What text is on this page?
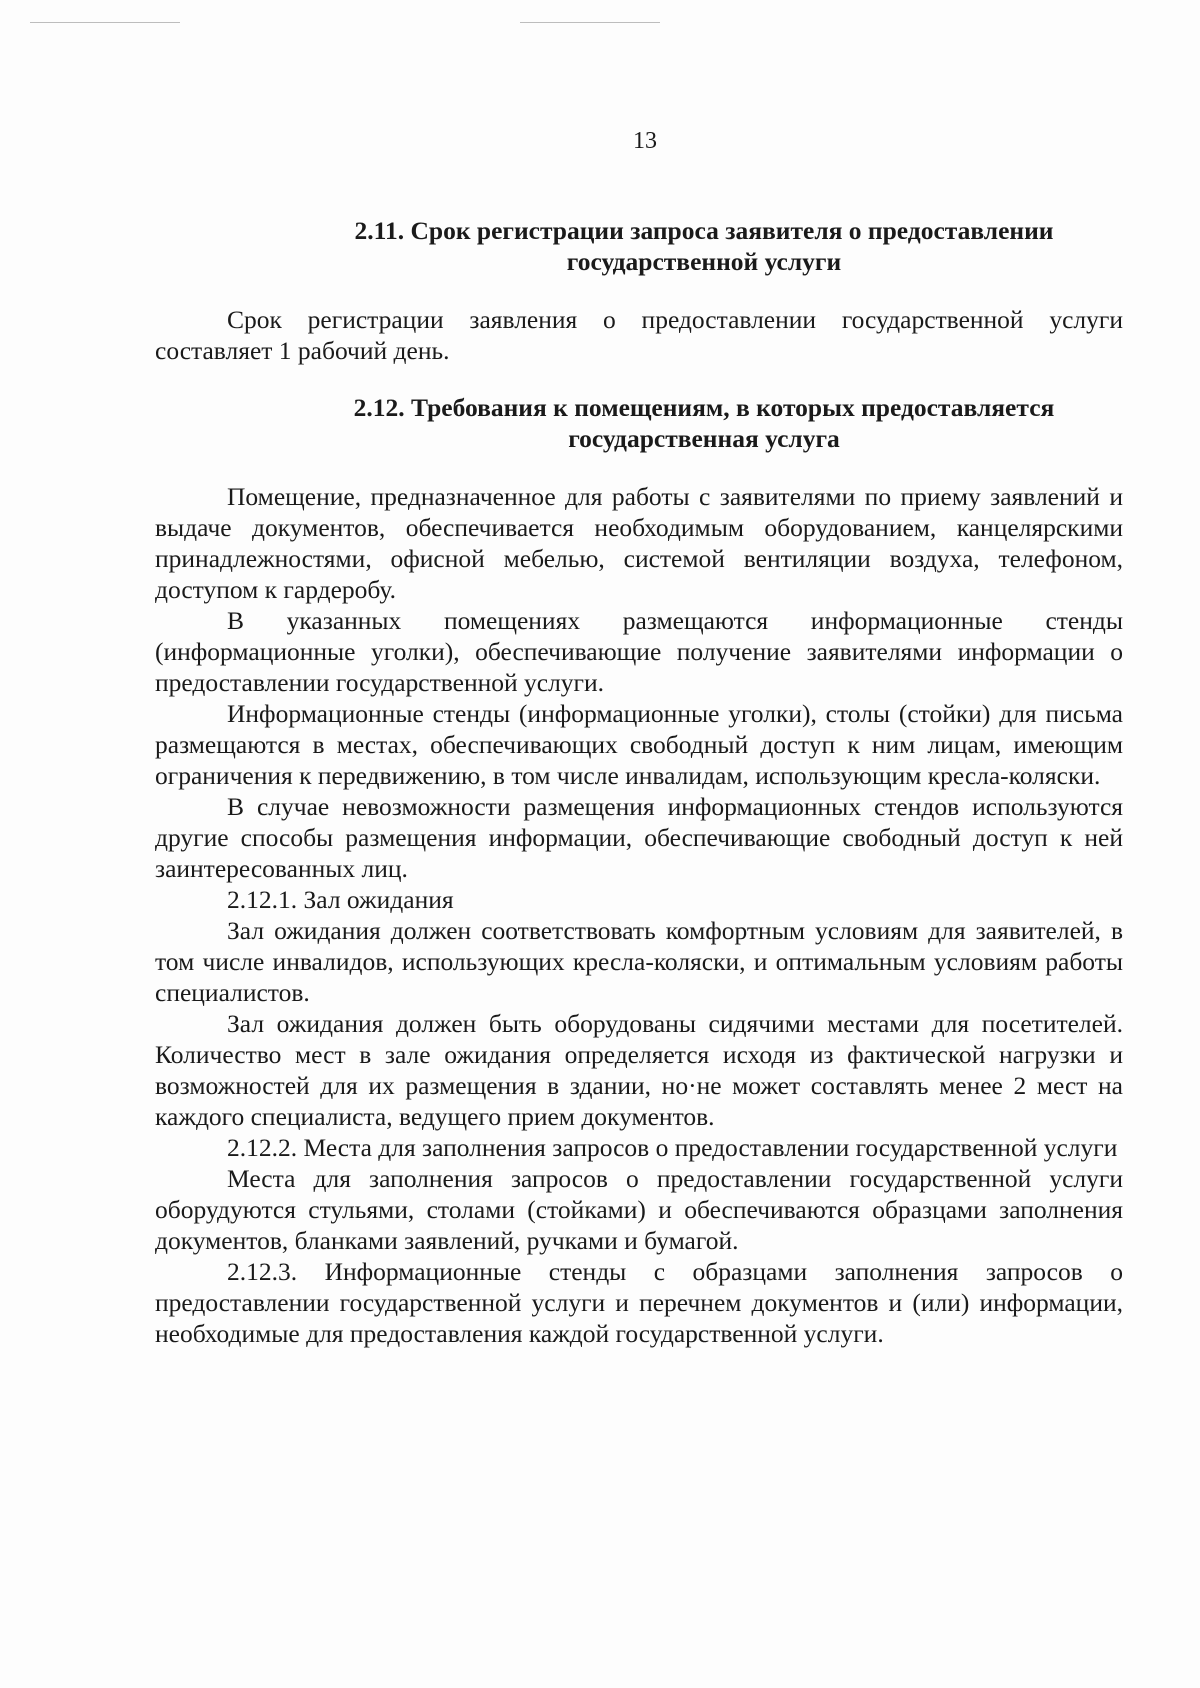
13
2.11. Срок регистрации запроса заявителя о предоставлении
государственной услуги

Срок регистрации заявления о предоставлении государственной услуги составляет 1 рабочий день.

2.12. Требования к помещениям, в которых предоставляется
государственная услуга

Помещение, предназначенное для работы с заявителями по приему заявлений и выдаче документов, обеспечивается необходимым оборудованием, канцелярскими принадлежностями, офисной мебелью, системой вентиляции воздуха, телефоном, доступом к гардеробу.

В указанных помещениях размещаются информационные стенды (информационные уголки), обеспечивающие получение заявителями информации о предоставлении государственной услуги.

Информационные стенды (информационные уголки), столы (стойки) для письма размещаются в местах, обеспечивающих свободный доступ к ним лицам, имеющим ограничения к передвижению, в том числе инвалидам, использующим кресла-коляски.

В случае невозможности размещения информационных стендов используются другие способы размещения информации, обеспечивающие свободный доступ к ней заинтересованных лиц.

2.12.1. Зал ожидания

Зал ожидания должен соответствовать комфортным условиям для заявителей, в том числе инвалидов, использующих кресла-коляски, и оптимальным условиям работы специалистов.

Зал ожидания должен быть оборудованы сидячими местами для посетителей. Количество мест в зале ожидания определяется исходя из фактической нагрузки и возможностей для их размещения в здании, но·не может составлять менее 2 мест на каждого специалиста, ведущего прием документов.

2.12.2. Места для заполнения запросов о предоставлении государственной услуги

Места для заполнения запросов о предоставлении государственной услуги оборудуются стульями, столами (стойками) и обеспечиваются образцами заполнения документов, бланками заявлений, ручками и бумагой.

2.12.3. Информационные стенды с образцами заполнения запросов о предоставлении государственной услуги и перечнем документов и (или) информации, необходимые для предоставления каждой государственной услуги.
